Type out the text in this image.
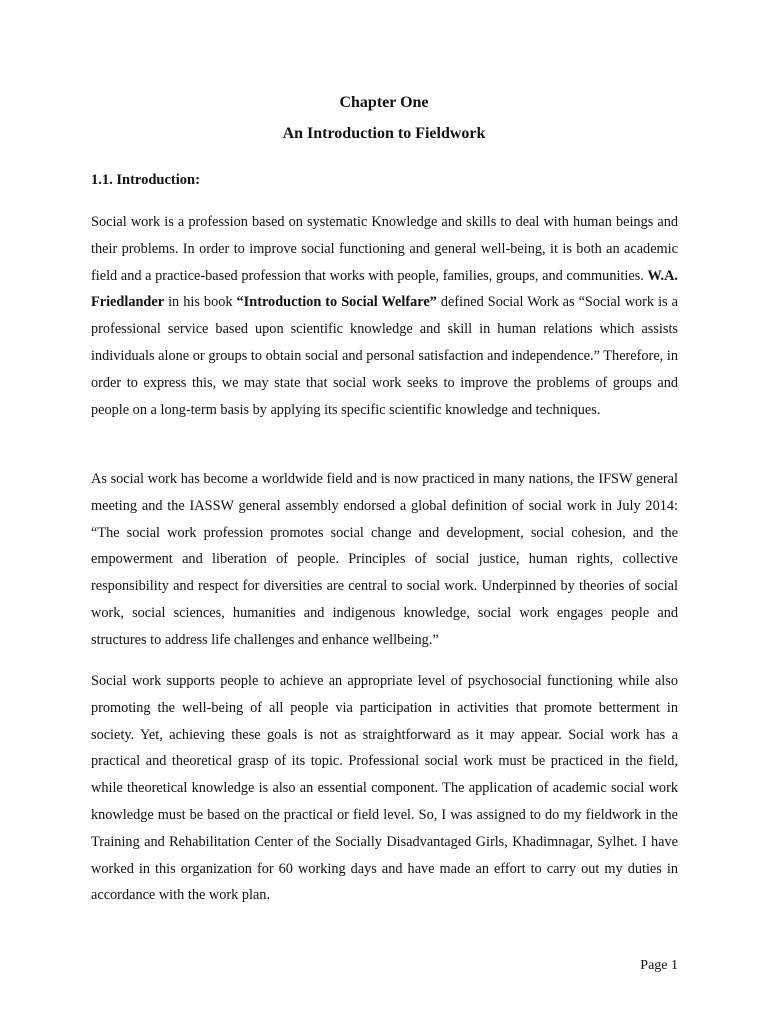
Chapter One
An Introduction to Fieldwork
1.1. Introduction:

Social work is a profession based on systematic Knowledge and skills to deal with human beings and their problems. In order to improve social functioning and general well-being, it is both an academic field and a practice-based profession that works with people, families, groups, and communities. W.A. Friedlander in his book “Introduction to Social Welfare” defined Social Work as “Social work is a professional service based upon scientific knowledge and skill in human relations which assists individuals alone or groups to obtain social and personal satisfaction and independence.” Therefore, in order to express this, we may state that social work seeks to improve the problems of groups and people on a long-term basis by applying its specific scientific knowledge and techniques.

As social work has become a worldwide field and is now practiced in many nations, the IFSW general meeting and the IASSW general assembly endorsed a global definition of social work in July 2014: “The social work profession promotes social change and development, social cohesion, and the empowerment and liberation of people. Principles of social justice, human rights, collective responsibility and respect for diversities are central to social work. Underpinned by theories of social work, social sciences, humanities and indigenous knowledge, social work engages people and structures to address life challenges and enhance wellbeing.”

Social work supports people to achieve an appropriate level of psychosocial functioning while also promoting the well-being of all people via participation in activities that promote betterment in society. Yet, achieving these goals is not as straightforward as it may appear. Social work has a practical and theoretical grasp of its topic. Professional social work must be practiced in the field, while theoretical knowledge is also an essential component. The application of academic social work knowledge must be based on the practical or field level. So, I was assigned to do my fieldwork in the Training and Rehabilitation Center of the Socially Disadvantaged Girls, Khadimnagar, Sylhet. I have worked in this organization for 60 working days and have made an effort to carry out my duties in accordance with the work plan.

Page 1
